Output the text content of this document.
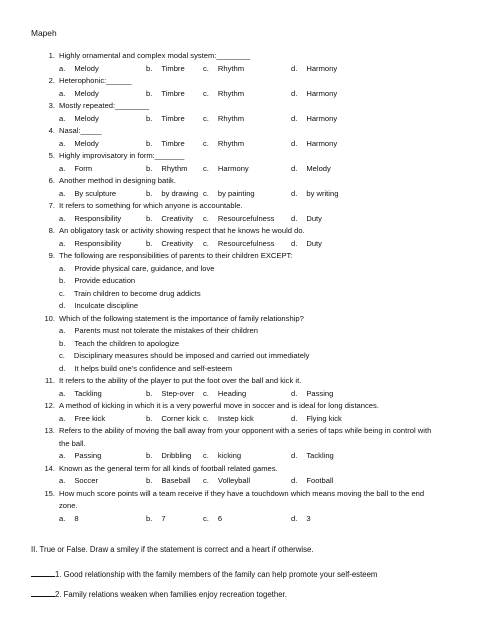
Mapeh
1. Highly ornamental and complex modal system:________
a. Melody	b. Timbre c. Rhythm	d. Harmony
2. Heterophonic:______
a. Melody	b. Timbre c. Rhythm	d. Harmony
3. Mostly repeated:________
a. Melody	b. Timbre c. Rhythm	d. Harmony
4. Nasal:_____
a. Melody	b. Timbre c. Rhythm	d. Harmony
5. Highly improvisatory in form:_______
a. Form	b. Rhythm c. Harmony	d. Melody
6. Another method in designing batik.
a. By sculpture	b. by drawing c. by painting	d. by writing
7. It refers to something for which anyone is accountable.
a. Responsibility	b. Creativity c. Resourcefulness d. Duty
8. An obligatory task or activity showing respect that he knows he would do.
a. Responsibility	b. Creativity c. Resourcefulness d. Duty
9. The following are responsibilities of parents to their children EXCEPT:
a. Provide physical care, guidance, and love
b. Provide education
c. Train children to become drug addicts
d. Inculcate discipline
10. Which of the following statement is the importance of family relationship?
a. Parents must not tolerate the mistakes of their children
b. Teach the children to apologize
c. Disciplinary measures should be imposed and carried out immediately
d. It helps build one’s confidence and self-esteem
11. It refers to the ability of the player to put the foot over the ball and kick it.
a. Tackling	b. Step-over c. Heading	d. Passing
12. A method of kicking in which it is a very powerful move in soccer and is ideal for long distances.
a. Free kick	b. Corner kick c. Instep kick	d. Flying kick
13. Refers to the ability of moving the ball away from your opponent with a series of taps while being in control with
the ball.
a. Passing	b. Dribbling c. kicking	d. Tackling
14. Known as the general term for all kinds of football related games.
a. Soccer	b. Baseball c. Volleyball	d. Football
15. How much score points will a team receive if they have a touchdown which means moving the ball to the end
zone.
a. 8	b. 7	c. 6	d. 3
II. True or False. Draw a smiley if the statement is correct and a heart if otherwise.
1. Good relationship with the family members of the family can help promote your self-esteem
2. Family relations weaken when families enjoy recreation together.
